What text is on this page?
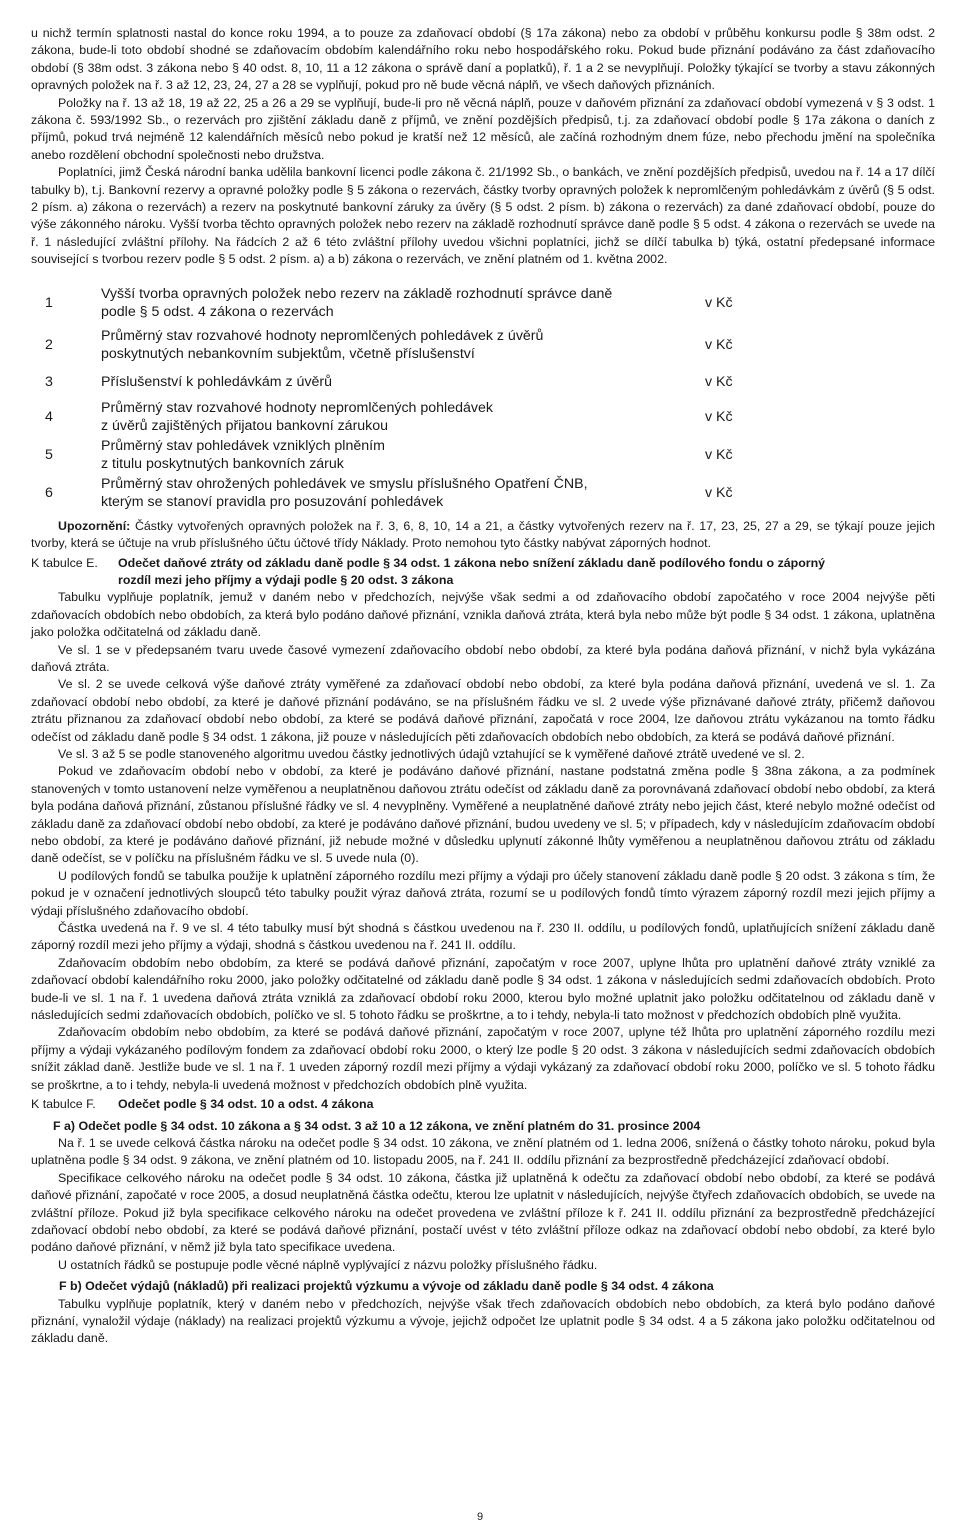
u nichž termín splatnosti nastal do konce roku 1994, a to pouze za zdaňovací období (§ 17a zákona) nebo za období v průběhu konkursu podle § 38m odst. 2 zákona, bude-li toto období shodné se zdaňovacím obdobím kalendářního roku nebo hospodářského roku. Pokud bude přiznání podáváno za část zdaňovacího období (§ 38m odst. 3 zákona nebo § 40 odst. 8, 10, 11 a 12 zákona o správě daní a poplatků), ř. 1 a 2 se nevyplňují. Položky týkající se tvorby a stavu zákonných opravných položek na ř. 3 až 12, 23, 24, 27 a 28 se vyplňují, pokud pro ně bude věcná náplň, ve všech daňových přiznáních.

Položky na ř. 13 až 18, 19 až 22, 25 a 26 a 29 se vyplňují, bude-li pro ně věcná náplň, pouze v daňovém přiznání za zdaňovací období vymezená v § 3 odst. 1 zákona č. 593/1992 Sb., o rezervách pro zjištění základu daně z příjmů, ve znění pozdějších předpisů, t.j. za zdaňovací období podle § 17a zákona o daních z příjmů, pokud trvá nejméně 12 kalendářních měsíců nebo pokud je kratší než 12 měsíců, ale začíná rozhodným dnem fúze, nebo přechodu jmění na společníka anebo rozdělení obchodní společnosti nebo družstva.

Poplatníci, jimž Česká národní banka udělila bankovní licenci podle zákona č. 21/1992 Sb., o bankách, ve znění pozdějších předpisů, uvedou na ř. 14 a 17 dílčí tabulky b), t.j. Bankovní rezervy a opravné položky podle § 5 zákona o rezervách, částky tvorby opravných položek k nepromlčeným pohledávkám z úvěrů (§ 5 odst. 2 písm. a) zákona o rezervách) a rezerv na poskytnuté bankovní záruky za úvěry (§ 5 odst. 2 písm. b) zákona o rezervách) za dané zdaňovací období, pouze do výše zákonného nároku. Vyšší tvorba těchto opravných položek nebo rezerv na základě rozhodnutí správce daně podle § 5 odst. 4 zákona o rezervách se uvede na ř. 1 následující zvláštní přílohy. Na řádcích 2 až 6 této zvláštní přílohy uvedou všichni poplatníci, jichž se dílčí tabulka b) týká, ostatní předepsané informace související s tvorbou rezerv podle § 5 odst. 2 písm. a) a b) zákona o rezervách, ve znění platném od 1. května 2002.

1	Vyšší tvorba opravných položek nebo rezerv na základě rozhodnutí správce daně
podle § 5 odst. 4 zákona o rezervách	v Kč
2	Průměrný stav rozvahové hodnoty nepromlčených pohledávek z úvěrů
poskytnutých nebankovním subjektům, včetně příslušenství	v Kč
3	Příslušenství k pohledávkám z úvěrů	v Kč
4	Průměrný stav rozvahové hodnoty nepromlčených pohledávek
z úvěrů zajištěných přijatou bankovní zárukou	v Kč
5	Průměrný stav pohledávek vzniklých plněním
z titulu poskytnutých bankovních záruk	v Kč
6	Průměrný stav ohrožených pohledávek ve smyslu příslušného Opatření ČNB,
kterým se stanoví pravidla pro posuzování pohledávek	v Kč

Upozornění: Částky vytvořených opravných položek na ř. 3, 6, 8, 10, 14 a 21, a částky vytvořených rezerv na ř. 17, 23, 25, 27 a 29, se týkají pouze jejich tvorby, která se účtuje na vrub příslušného účtu účtové třídy Náklady. Proto nemohou tyto částky nabývat záporných hodnot.

K tabulce E. Odečet daňové ztráty od základu daně podle § 34 odst. 1 zákona nebo snížení základu daně podílového fondu o záporný
rozdíl mezi jeho příjmy a výdaji podle § 20 odst. 3 zákona

Tabulku vyplňuje poplatník, jemuž v daném nebo v předchozích, nejvýše však sedmi a od zdaňovacího období započatého v roce 2004 nejvýše pěti zdaňovacích obdobích nebo obdobích, za která bylo podáno daňové přiznání, vznikla daňová ztráta, která byla nebo může být podle § 34 odst. 1 zákona, uplatněna jako položka odčitatelná od základu daně.

Ve sl. 1 se v předepsaném tvaru uvede časové vymezení zdaňovacího období nebo období, za které byla podána daňová přiznání, v nichž byla vykázána daňová ztráta.

Ve sl. 2 se uvede celková výše daňové ztráty vyměřené za zdaňovací období nebo období, za které byla podána daňová přiznání, uvedená ve sl. 1. Za zdaňovací období nebo období, za které je daňové přiznání podáváno, se na příslušném řádku ve sl. 2 uvede výše přiznávané daňové ztráty, přičemž daňovou ztrátu přiznanou za zdaňovací období nebo období, za které se podává daňové přiznání, započatá v roce 2004, lze daňovou ztrátu vykázanou na tomto řádku odečíst od základu daně podle § 34 odst. 1 zákona, již pouze v následujících pěti zdaňovacích obdobích nebo obdobích, za která se podává daňové přiznání.

Ve sl. 3 až 5 se podle stanoveného algoritmu uvedou částky jednotlivých údajů vztahující se k vyměřené daňové ztrátě uvedené ve sl. 2.

Pokud ve zdaňovacím období nebo v období, za které je podáváno daňové přiznání, nastane podstatná změna podle § 38na zákona, a za podmínek stanovených v tomto ustanovení nelze vyměřenou a neuplatněnou daňovou ztrátu odečíst od základu daně za porovnávaná zdaňovací období nebo období, za která byla podána daňová přiznání, zůstanou příslušné řádky ve sl. 4 nevyplněny. Vyměřené a neuplatněné daňové ztráty nebo jejich část, které nebylo možné odečíst od základu daně za zdaňovací období nebo období, za které je podáváno daňové přiznání, budou uvedeny ve sl. 5; v případech, kdy v následujícím zdaňovacím období nebo období, za které je podáváno daňové přiznání, již nebude možné v důsledku uplynutí zákonné lhůty vyměřenou a neuplatněnou daňovou ztrátu od základu daně odečíst, se v políčku na příslušném řádku ve sl. 5 uvede nula (0).

U podílových fondů se tabulka použije k uplatnění záporného rozdílu mezi příjmy a výdaji pro účely stanovení základu daně podle § 20 odst. 3 zákona s tím, že pokud je v označení jednotlivých sloupců této tabulky použit výraz daňová ztráta, rozumí se u podílových fondů tímto výrazem záporný rozdíl mezi jejich příjmy a výdaji příslušného zdaňovacího období.

Částka uvedená na ř. 9 ve sl. 4 této tabulky musí být shodná s částkou uvedenou na ř. 230 II. oddílu, u podílových fondů, uplatňujících snížení základu daně záporný rozdíl mezi jeho příjmy a výdaji, shodná s částkou uvedenou na ř. 241 II. oddílu.

Zdaňovacím obdobím nebo obdobím, za které se podává daňové přiznání, započatým v roce 2007, uplyne lhůta pro uplatnění daňové ztráty vzniklé za zdaňovací období kalendářního roku 2000, jako položky odčitatelné od základu daně podle § 34 odst. 1 zákona v následujících sedmi zdaňovacích obdobích. Proto bude-li ve sl. 1 na ř. 1 uvedena daňová ztráta vzniklá za zdaňovací období roku 2000, kterou bylo možné uplatnit jako položku odčitatelnou od základu daně v následujících sedmi zdaňovacích obdobích, políčko ve sl. 5 tohoto řádku se proškrtne, a to i tehdy, nebyla-li tato možnost v předchozích obdobích plně využita.

Zdaňovacím obdobím nebo obdobím, za které se podává daňové přiznání, započatým v roce 2007, uplyne též lhůta pro uplatnění záporného rozdílu mezi příjmy a výdaji vykázaného podílovým fondem za zdaňovací období roku 2000, o který lze podle § 20 odst. 3 zákona v následujících sedmi zdaňovacích obdobích snížit základ daně. Jestliže bude ve sl. 1 na ř. 1 uveden záporný rozdíl mezi příjmy a výdaji vykázaný za zdaňovací období roku 2000, políčko ve sl. 5 tohoto řádku se proškrtne, a to i tehdy, nebyla-li uvedená možnost v předchozích obdobích plně využita.

K tabulce F. Odečet podle § 34 odst. 10 a odst. 4 zákona

F a) Odečet podle § 34 odst. 10 zákona a § 34 odst. 3 až 10 a 12 zákona, ve znění platném do 31. prosince 2004

Na ř. 1 se uvede celková částka nároku na odečet podle § 34 odst. 10 zákona, ve znění platném od 1. ledna 2006, snížená o částky tohoto nároku, pokud byla uplatněna podle § 34 odst. 9 zákona, ve znění platném od 10. listopadu 2005, na ř. 241 II. oddílu přiznání za bezprostředně předcházející zdaňovací období.

Specifikace celkového nároku na odečet podle § 34 odst. 10 zákona, částka již uplatněná k odečtu za zdaňovací období nebo období, za které se podává daňové přiznání, započaté v roce 2005, a dosud neuplatněná částka odečtu, kterou lze uplatnit v následujících, nejvýše čtyřech zdaňovacích obdobích, se uvede na zvláštní příloze. Pokud již byla specifikace celkového nároku na odečet provedena ve zvláštní příloze k ř. 241 II. oddílu přiznání za bezprostředně předcházející zdaňovací období nebo období, za které se podává daňové přiznání, postačí uvést v této zvláštní příloze odkaz na zdaňovací období nebo období, za které bylo podáno daňové přiznání, v němž již byla tato specifikace uvedena.

U ostatních řádků se postupuje podle věcné náplně vyplývající z názvu položky příslušného řádku.

F b) Odečet výdajů (nákladů) při realizaci projektů výzkumu a vývoje od základu daně podle § 34 odst. 4 zákona

Tabulku vyplňuje poplatník, který v daném nebo v předchozích, nejvýše však třech zdaňovacích obdobích nebo obdobích, za která bylo podáno daňové přiznání, vynaložil výdaje (náklady) na realizaci projektů výzkumu a vývoje, jejichž odpočet lze uplatnit podle § 34 odst. 4 a 5 zákona jako položku odčitatelnou od základu daně.

9
